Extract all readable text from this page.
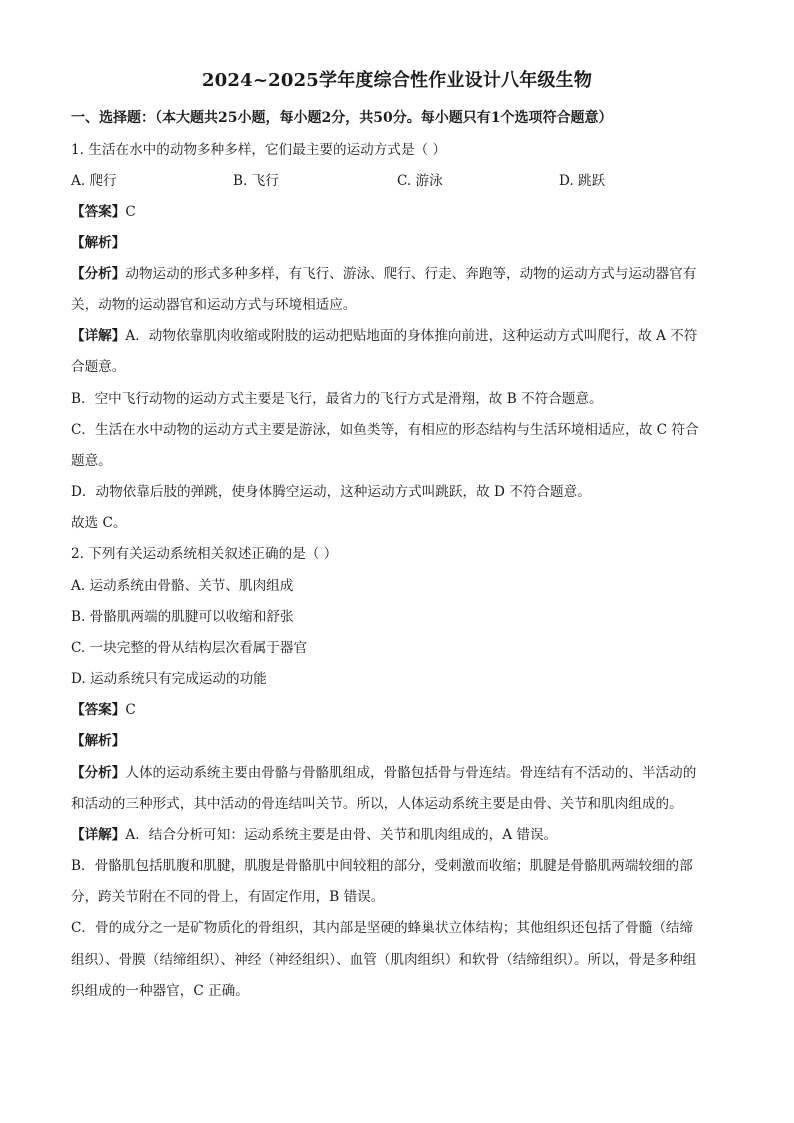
2024~2025学年度综合性作业设计八年级生物
一、选择题：（本大题共25小题，每小题2分，共50分。每小题只有1个选项符合题意）
1. 生活在水中的动物多种多样，它们最主要的运动方式是（ ）
A. 爬行	B. 飞行	C. 游泳	D. 跳跃
【答案】C
【解析】
【分析】动物运动的形式多种多样，有飞行、游泳、爬行、行走、奔跑等，动物的运动方式与运动器官有
关，动物的运动器官和运动方式与环境相适应。
【详解】A．动物依靠肌肉收缩或附肢的运动把贴地面的身体推向前进，这种运动方式叫爬行，故 A 不符
合题意。
B．空中飞行动物的运动方式主要是飞行，最省力的飞行方式是滑翔，故 B 不符合题意。
C．生活在水中动物的运动方式主要是游泳，如鱼类等，有相应的形态结构与生活环境相适应，故 C 符合
题意。
D．动物依靠后肢的弹跳，使身体腾空运动，这种运动方式叫跳跃，故 D 不符合题意。
故选 C。
2. 下列有关运动系统相关叙述正确的是（ ）
A. 运动系统由骨骼、关节、肌肉组成
B. 骨骼肌两端的肌腱可以收缩和舒张
C. 一块完整的骨从结构层次看属于器官
D. 运动系统只有完成运动的功能
【答案】C
【解析】
【分析】人体的运动系统主要由骨骼与骨骼肌组成，骨骼包括骨与骨连结。骨连结有不活动的、半活动的
和活动的三种形式，其中活动的骨连结叫关节。所以，人体运动系统主要是由骨、关节和肌肉组成的。
【详解】A．结合分析可知：运动系统主要是由骨、关节和肌肉组成的，A 错误。
B．骨骼肌包括肌腹和肌腱，肌腹是骨骼肌中间较粗的部分，受刺激而收缩；肌腱是骨骼肌两端较细的部
分，跨关节附在不同的骨上，有固定作用，B 错误。
C．骨的成分之一是矿物质化的骨组织，其内部是坚硬的蜂巢状立体结构；其他组织还包括了骨髓（结缔
组织）、骨膜（结缔组织）、神经（神经组织）、血管（肌肉组织）和软骨（结缔组织）。所以，骨是多种组
织组成的一种器官，C 正确。
